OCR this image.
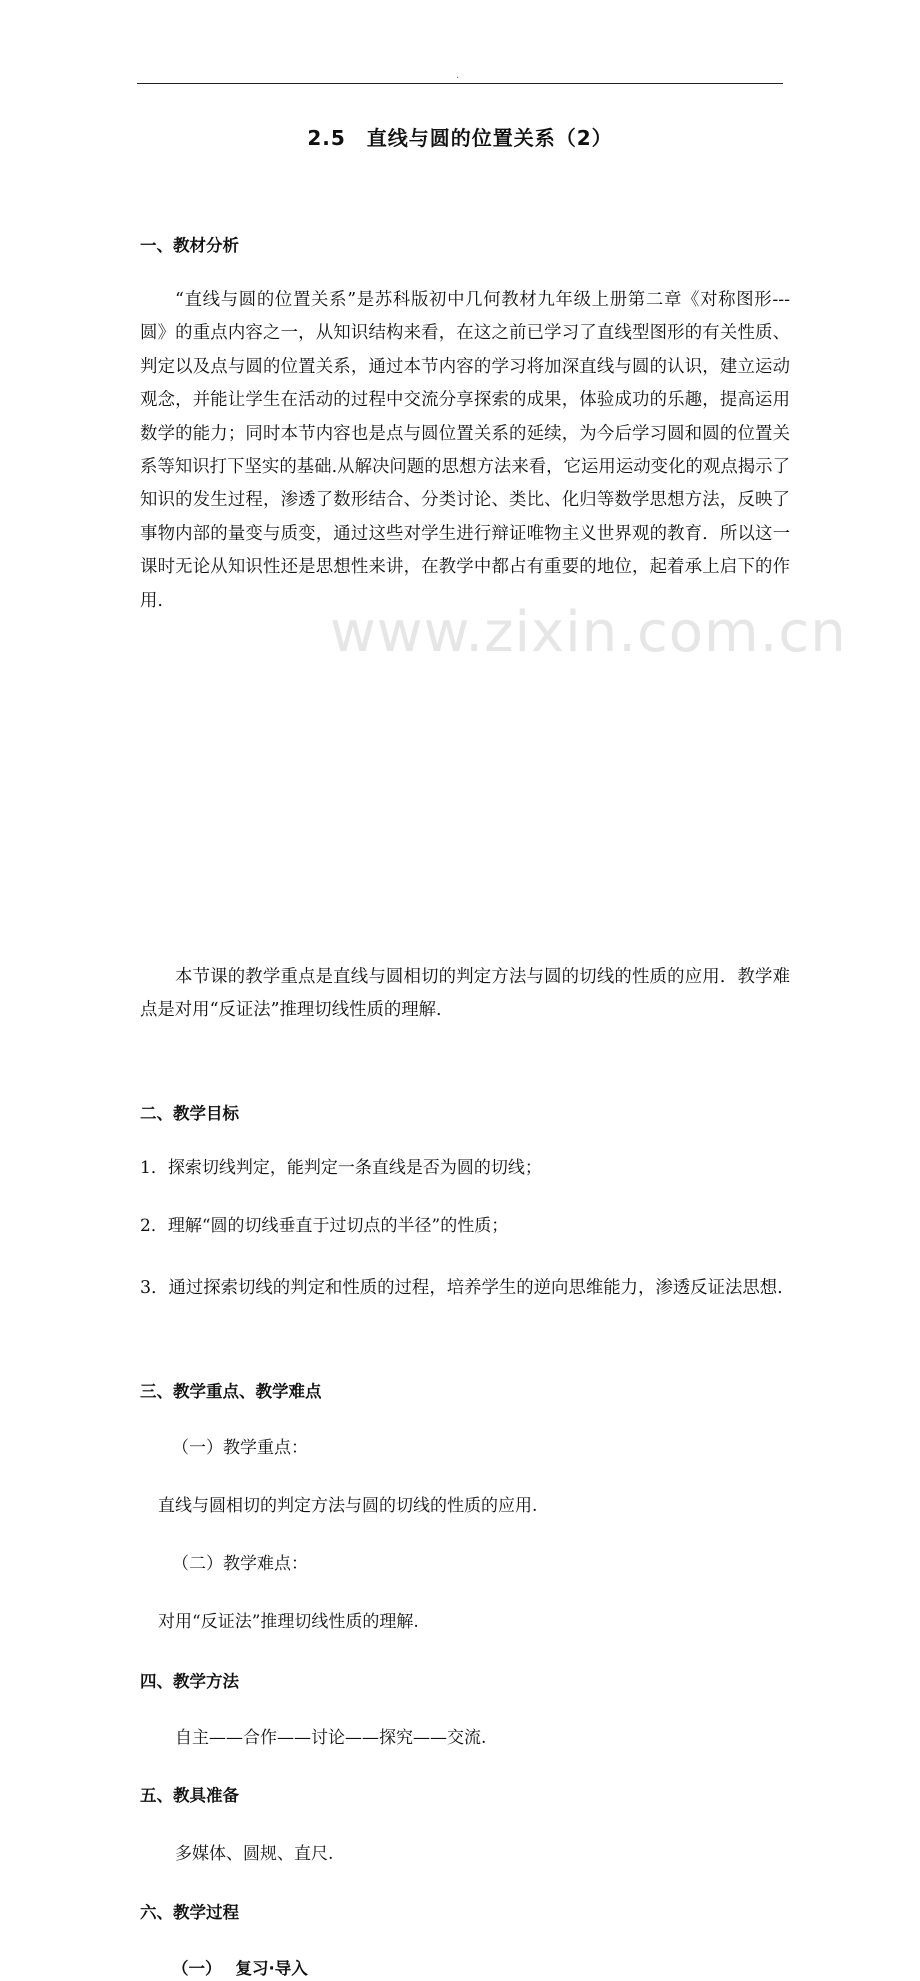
www.zixin.com.cn
.
2.5　直线与圆的位置关系（2）
一、教材分析
“直线与圆的位置关系”是苏科版初中几何教材九年级上册第二章《对称图形---圆》的重点内容之一，从知识结构来看，在这之前已学习了直线型图形的有关性质、判定以及点与圆的位置关系，通过本节内容的学习将加深直线与圆的认识，建立运动观念，并能让学生在活动的过程中交流分享探索的成果，体验成功的乐趣，提高运用数学的能力；同时本节内容也是点与圆位置关系的延续，为今后学习圆和圆的位置关系等知识打下坚实的基础.从解决问题的思想方法来看，它运用运动变化的观点揭示了知识的发生过程，渗透了数形结合、分类讨论、类比、化归等数学思想方法，反映了事物内部的量变与质变，通过这些对学生进行辩证唯物主义世界观的教育．所以这一课时无论从知识性还是思想性来讲，在教学中都占有重要的地位，起着承上启下的作用.
本节课的教学重点是直线与圆相切的判定方法与圆的切线的性质的应用．教学难点是对用“反证法”推理切线性质的理解.
二、教学目标
1．探索切线判定，能判定一条直线是否为圆的切线；
2．理解“圆的切线垂直于过切点的半径”的性质；
3．通过探索切线的判定和性质的过程，培养学生的逆向思维能力，渗透反证法思想.
三、教学重点、教学难点
（一）教学重点：
直线与圆相切的判定方法与圆的切线的性质的应用.
（二）教学难点：
对用“反证法”推理切线性质的理解.
四、教学方法
自主——合作——讨论——探究——交流.
五、教具准备
多媒体、圆规、直尺.
六、教学过程
（一）　 复习·导入
